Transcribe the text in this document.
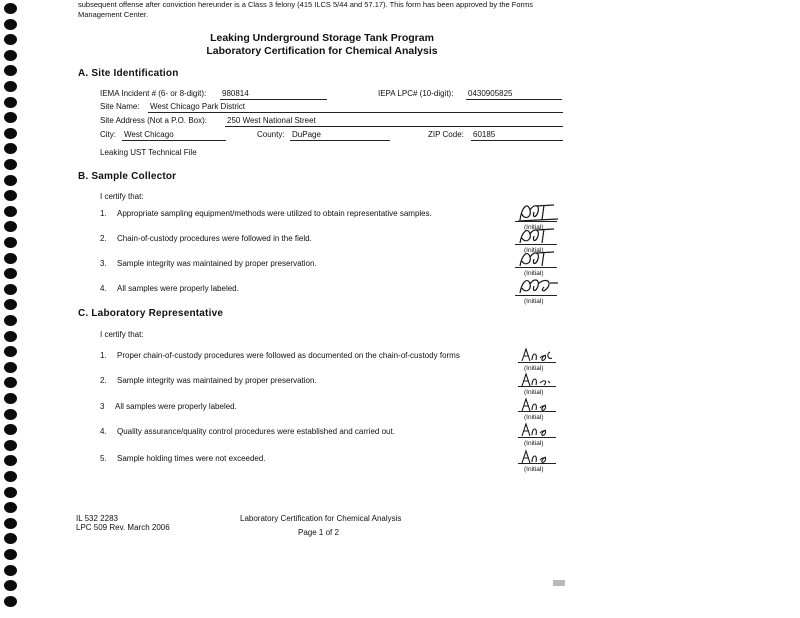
subsequent offense after conviction hereunder is a Class 3 felony (415 ILCS 5/44 and 57.17). This form has been approved by the Forms
Management Center.
Leaking Underground Storage Tank Program
Laboratory Certification for Chemical Analysis
A. Site Identification
IEMA Incident # (6- or 8-digit): 980814	IEPA LPC# (10-digit): 0430905825
Site Name: West Chicago Park District
Site Address (Not a P.O. Box): 250 West National Street
City: West Chicago	County: DuPage	ZIP Code: 60185
Leaking UST Technical File
B. Sample Collector
I certify that:
1. Appropriate sampling equipment/methods were utilized to obtain representative samples.
(Initial)
2. Chain-of-custody procedures were followed in the field.
(Initial)
3. Sample integrity was maintained by proper preservation.
(Initial)
4. All samples were properly labeled.
(Initial)
C. Laboratory Representative
I certify that:
1. Proper chain-of-custody procedures were followed as documented on the chain-of-custody forms
(Initial)
2. Sample integrity was maintained by proper preservation.
(Initial)
3 All samples were properly labeled.
(Initial)
4. Quality assurance/quality control procedures were established and carried out.
(Initial)
5. Sample holding times were not exceeded.
(Initial)
IL 532 2283
LPC 509 Rev. March 2006
Laboratory Certification for Chemical Analysis
Page 1 of 2
